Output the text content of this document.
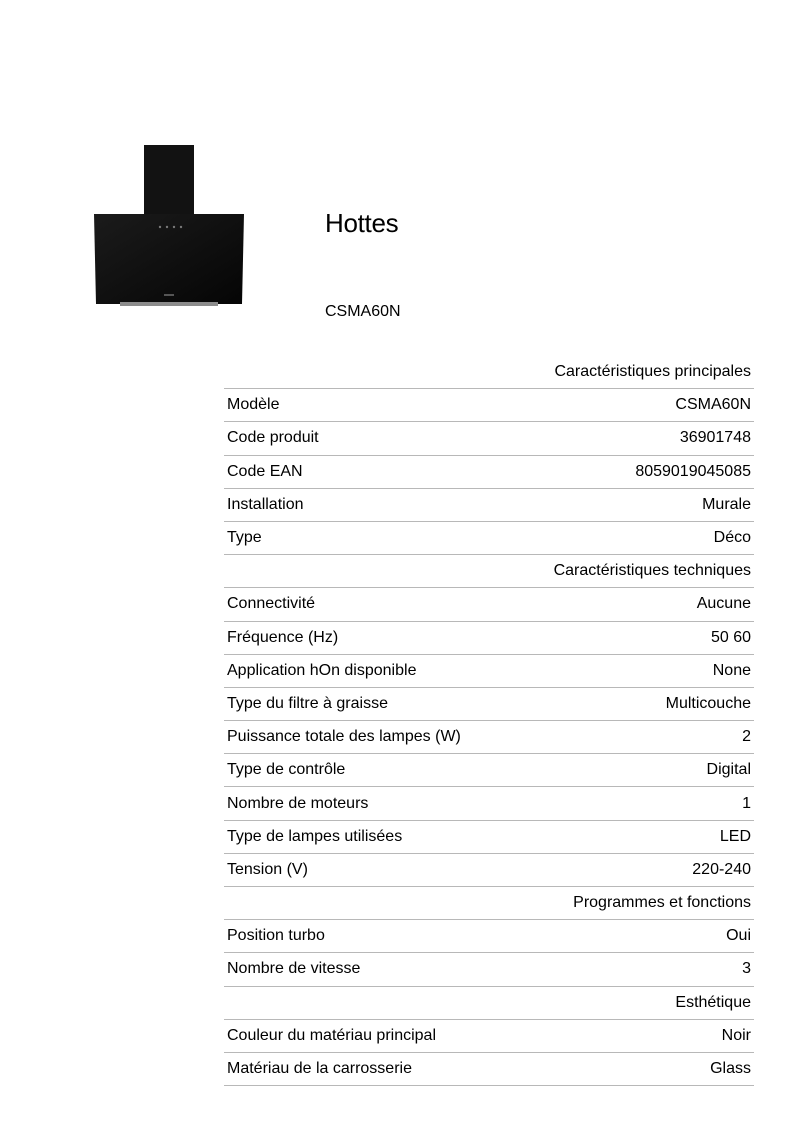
Hottes
CSMA60N
Caractéristiques principales	
Modèle	CSMA60N
Code produit	36901748
Code EAN	8059019045085
Installation	Murale
Type	Déco
Caractéristiques techniques	
Connectivité	Aucune
Fréquence (Hz)	50 60
Application hOn disponible	None
Type du filtre à graisse	Multicouche
Puissance totale des lampes (W)	2
Type de contrôle	Digital
Nombre de moteurs	1
Type de lampes utilisées	LED
Tension (V)	220-240
Programmes et fonctions	
Position turbo	Oui
Nombre de vitesse	3
Esthétique	
Couleur du matériau principal	Noir
Matériau de la carrosserie	Glass
